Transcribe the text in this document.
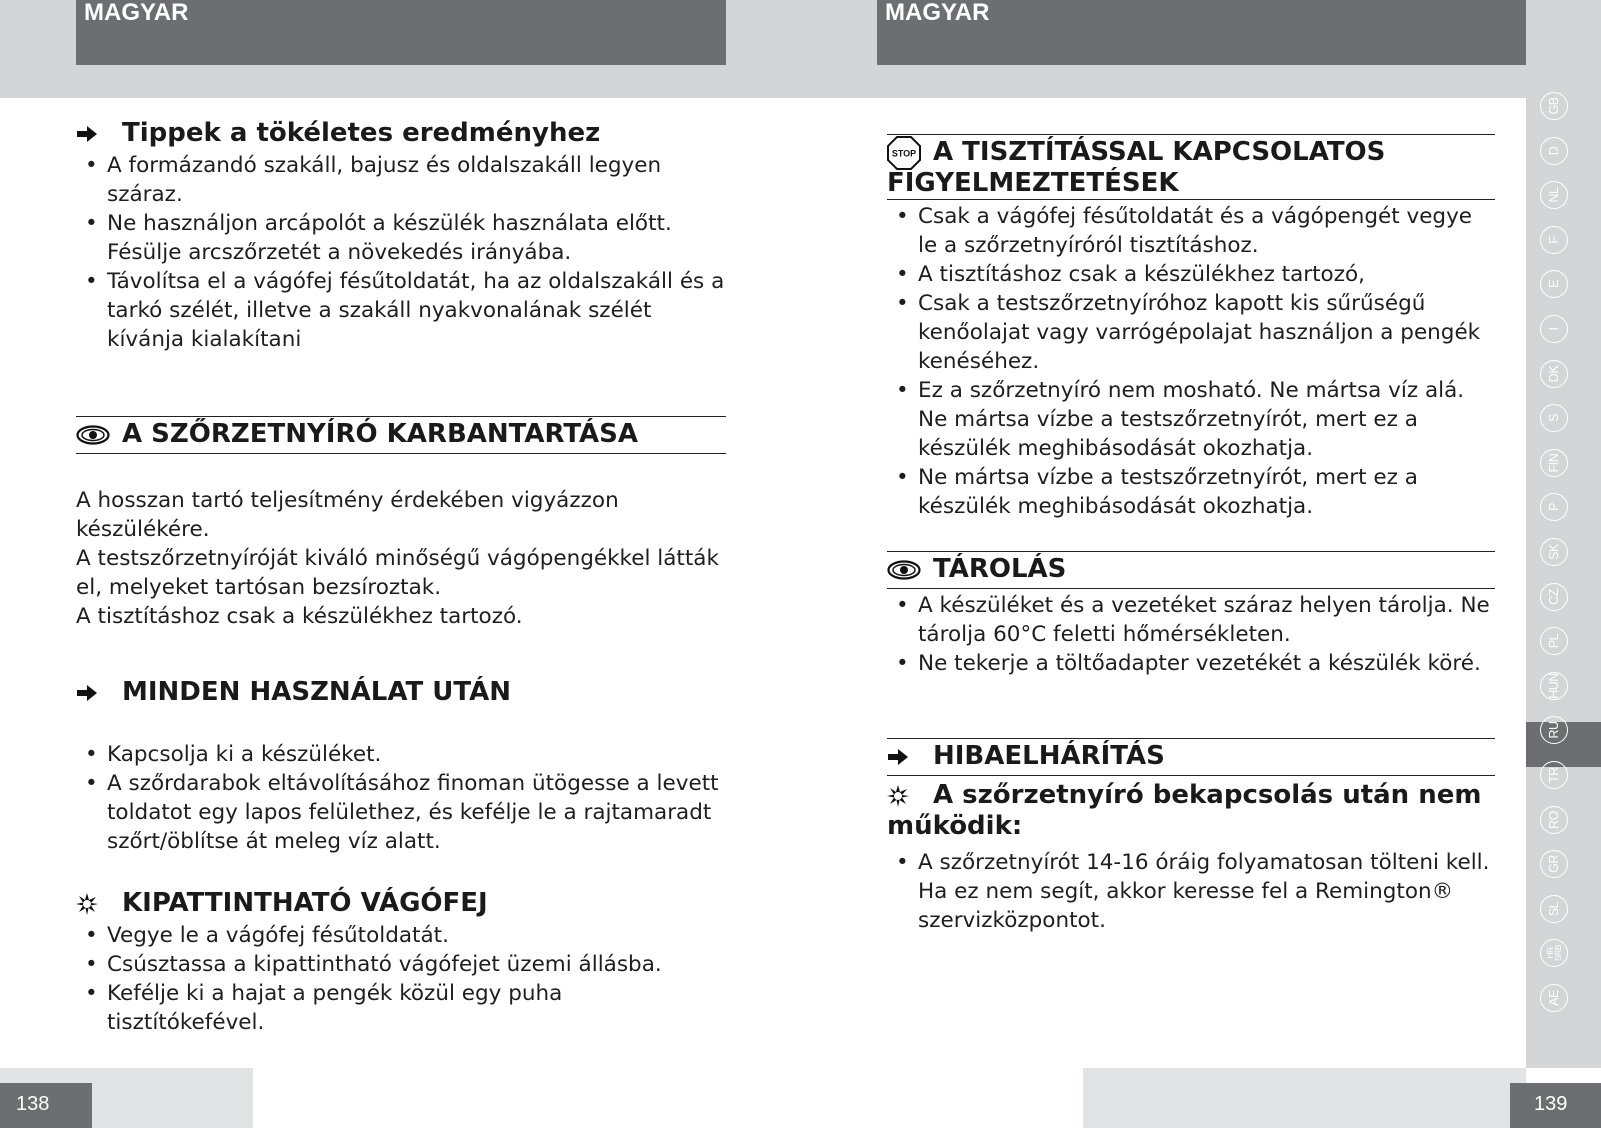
MAGYAR	MAGYAR
GB
D
NL
F
E
I
DK
S
FIN
P
SK
CZ
PL
HUN
RU
TR
RO
GR
SL
HR
SRB
AE
138	139
Tippek a tökéletes eredményhez
• A formázandó szakáll, bajusz és oldalszakáll legyen száraz.
• Ne használjon arcápolót a készülék használata előtt. Fésülje arcszőrzetét a növekedés irányába.
• Távolítsa el a vágófej fésűtoldatát, ha az oldalszakáll és a tarkó szélét, illetve a szakáll nyakvonalának szélét kívánja kialakítani
A SZŐRZETNYÍRÓ KARBANTARTÁSA

A hosszan tartó teljesítmény érdekében vigyázzon készülékére.

A testszőrzetnyíróját kiváló minőségű vágópengékkel látták el, melyeket tartósan bezsíroztak.

A tisztításhoz csak a készülékhez tartozó.

MINDEN HASZNÁLAT UTÁN
• Kapcsolja ki a készüléket.
• A szőrdarabok eltávolításához finoman ütögesse a levett toldatot egy lapos felülethez, és kefélje le a rajtamaradt szőrt/öblítse át meleg víz alatt.
KIPATTINTHATÓ VÁGÓFEJ
• Vegye le a vágófej fésűtoldatát.
• Csúsztassa a kipattintható vágófejet üzemi állásba.
• Kefélje ki a hajat a pengék közül egy puha tisztítókefével.
STOP A TISZTÍTÁSSAL KAPCSOLATOS
FIGYELMEZTETÉSEK
• Csak a vágófej fésűtoldatát és a vágópengét vegye le a szőrzetnyíróról tisztításhoz.
• A tisztításhoz csak a készülékhez tartozó,
• Csak a testszőrzetnyíróhoz kapott kis sűrűségű kenőolajat vagy varrógépolajat használjon a pengék kenéséhez.
• Ez a szőrzetnyíró nem mosható. Ne mártsa víz alá. Ne mártsa vízbe a testszőrzetnyírót, mert ez a készülék meghibásodását okozhatja.
• Ne mártsa vízbe a testszőrzetnyírót, mert ez a készülék meghibásodását okozhatja.
TÁROLÁS
• A készüléket és a vezetéket száraz helyen tárolja. Ne tárolja 60°C feletti hőmérsékleten.
• Ne tekerje a töltőadapter vezetékét a készülék köré.
HIBAELHÁRÍTÁS
A szőrzetnyíró bekapcsolás után nem
működik:
• A szőrzetnyírót 14-16 óráig folyamatosan tölteni kell. Ha ez nem segít, akkor keresse fel a Remington® szervizközpontot.
